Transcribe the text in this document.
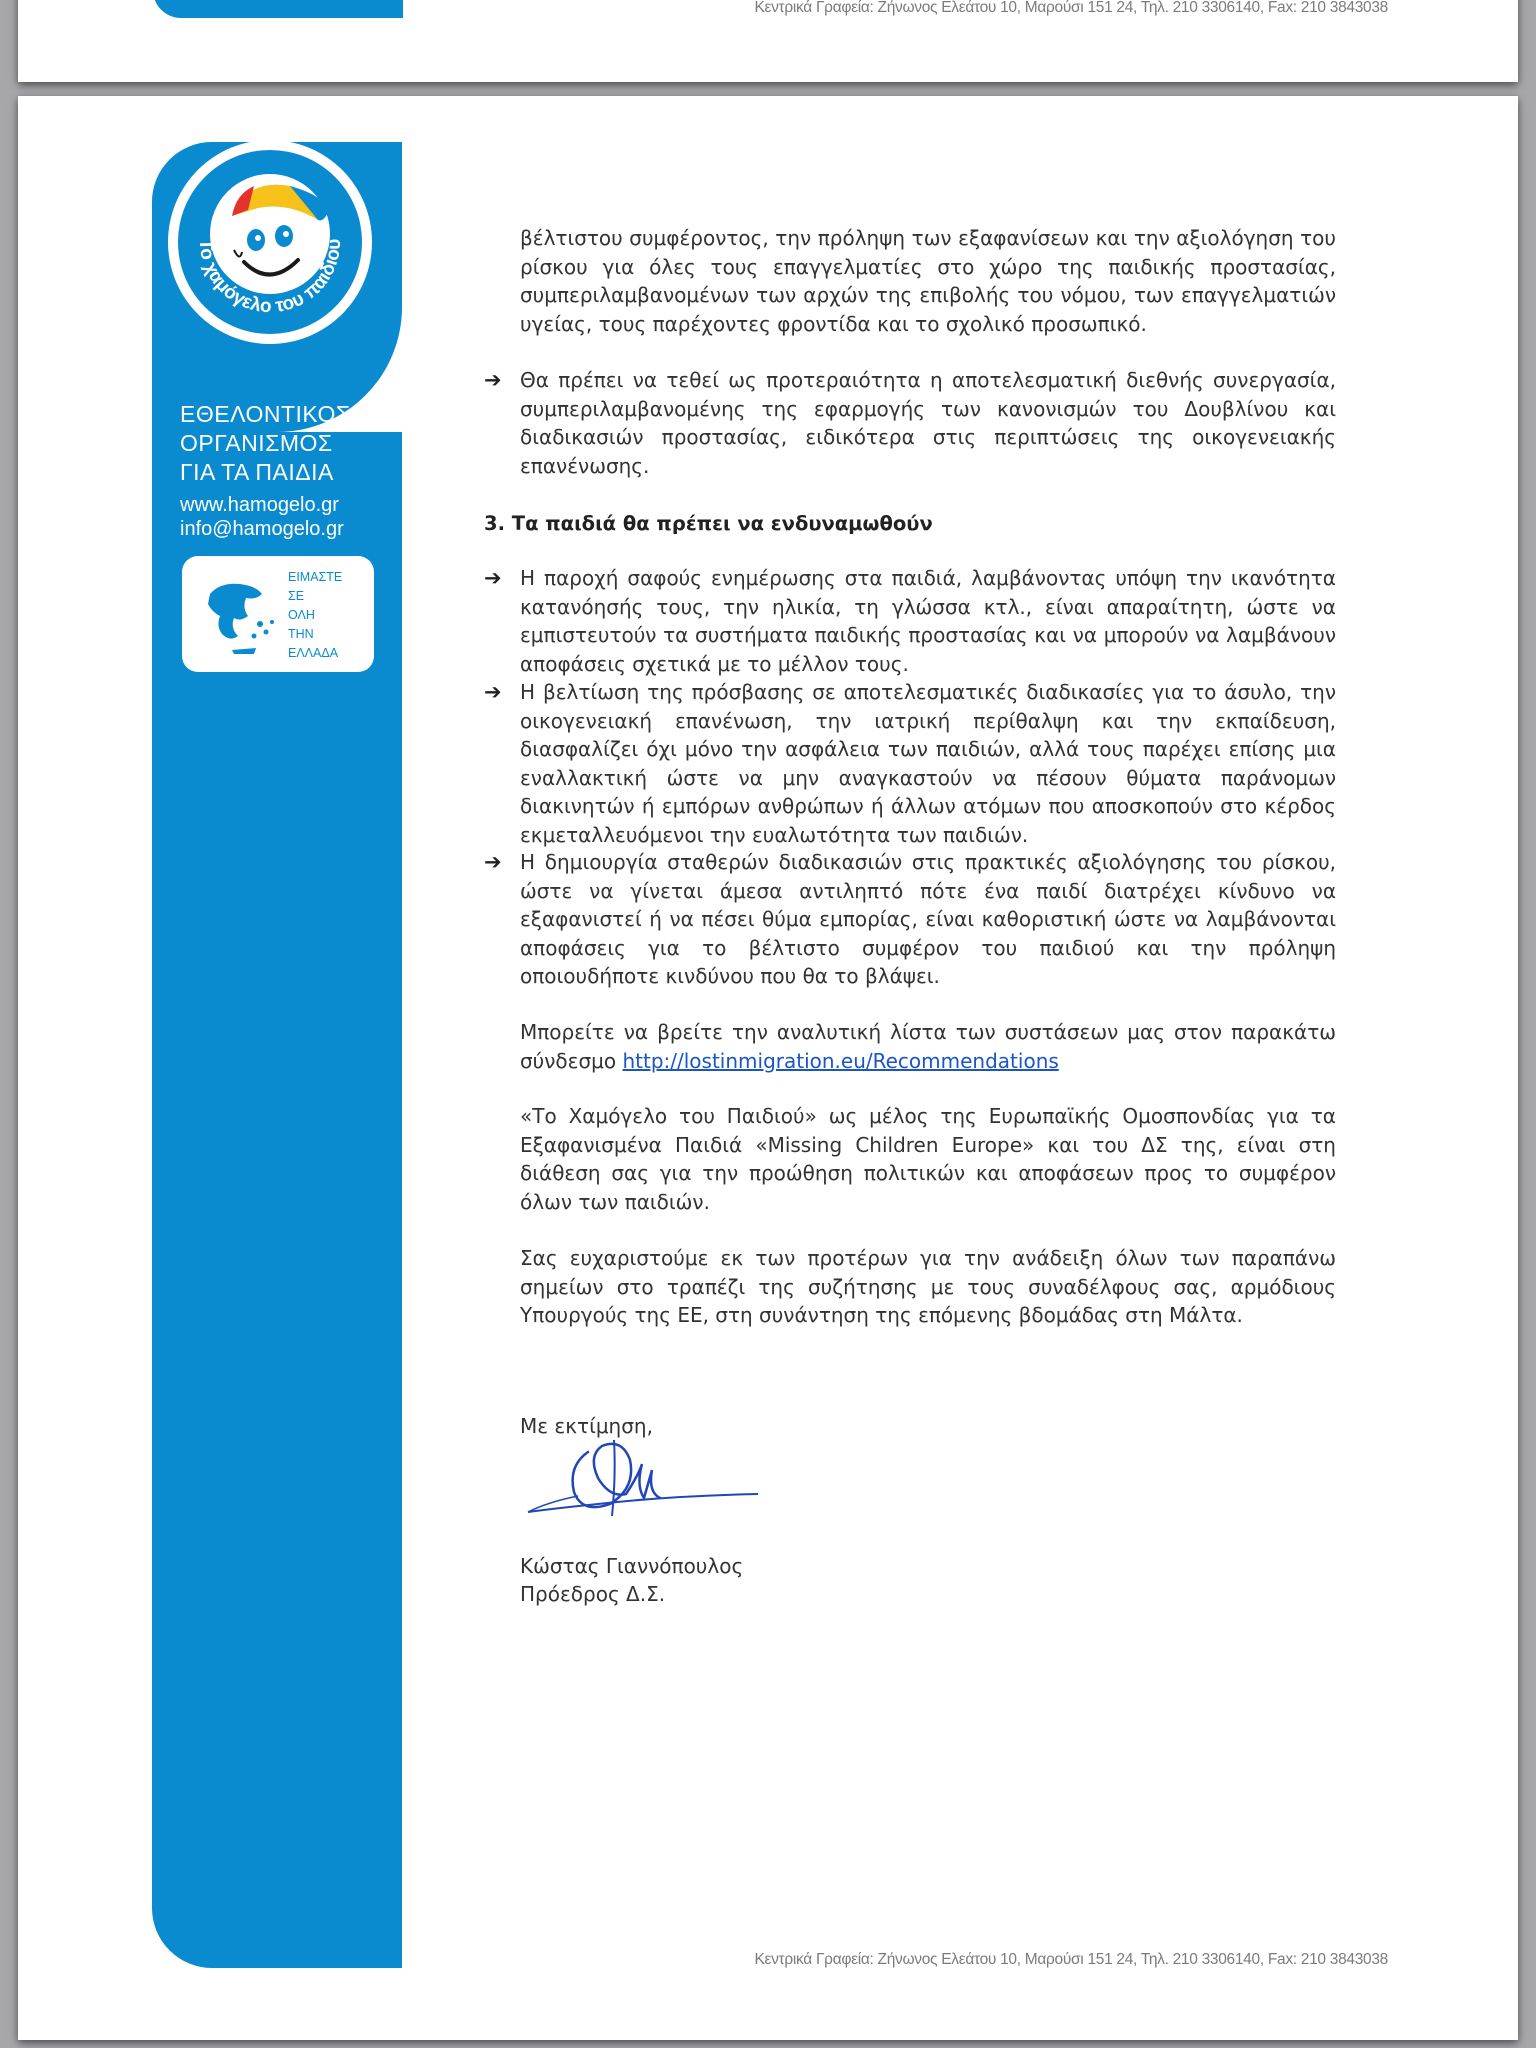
Κεντρικά Γραφεία: Ζήνωνος Ελεάτου 10, Μαρούσι 151 24, Τηλ. 210 3306140, Fax: 210 3843038
Το χαμόγελο του παιδιού
ΕΘΕΛΟΝΤΙΚΟΣ
ΟΡΓΑΝΙΣΜΟΣ
ΓΙΑ ΤΑ ΠΑΙΔΙΑ
www.hamogelo.gr
info@hamogelo.gr
ΕΙΜΑΣΤΕ
ΣΕ
ΟΛΗ
ΤΗΝ
ΕΛΛΑΔΑ
βέλτιστου συμφέροντος, την πρόληψη των εξαφανίσεων και την αξιολόγηση του ρίσκου για όλες τους επαγγελματίες στο χώρο της παιδικής προστασίας, συμπεριλαμβανομένων των αρχών της επιβολής του νόμου, των επαγγελματιών υγείας, τους παρέχοντες φροντίδα και το σχολικό προσωπικό.
➔ Θα πρέπει να τεθεί ως προτεραιότητα η αποτελεσματική διεθνής συνεργασία, συμπεριλαμβανομένης της εφαρμογής των κανονισμών του Δουβλίνου και διαδικασιών προστασίας, ειδικότερα στις περιπτώσεις της οικογενειακής επανένωσης.
3. Τα παιδιά θα πρέπει να ενδυναμωθούν
➔ Η παροχή σαφούς ενημέρωσης στα παιδιά, λαμβάνοντας υπόψη την ικανότητα κατανόησής τους, την ηλικία, τη γλώσσα κτλ., είναι απαραίτητη, ώστε να εμπιστευτούν τα συστήματα παιδικής προστασίας και να μπορούν να λαμβάνουν αποφάσεις σχετικά με το μέλλον τους.
➔ Η βελτίωση της πρόσβασης σε αποτελεσματικές διαδικασίες για το άσυλο, την οικογενειακή επανένωση, την ιατρική περίθαλψη και την εκπαίδευση, διασφαλίζει όχι μόνο την ασφάλεια των παιδιών, αλλά τους παρέχει επίσης μια εναλλακτική ώστε να μην αναγκαστούν να πέσουν θύματα παράνομων διακινητών ή εμπόρων ανθρώπων ή άλλων ατόμων που αποσκοπούν στο κέρδος εκμεταλλευόμενοι την ευαλωτότητα των παιδιών.
➔ Η δημιουργία σταθερών διαδικασιών στις πρακτικές αξιολόγησης του ρίσκου, ώστε να γίνεται άμεσα αντιληπτό πότε ένα παιδί διατρέχει κίνδυνο να εξαφανιστεί ή να πέσει θύμα εμπορίας, είναι καθοριστική ώστε να λαμβάνονται αποφάσεις για το βέλτιστο συμφέρον του παιδιού και την πρόληψη οποιουδήποτε κινδύνου που θα το βλάψει.
Μπορείτε να βρείτε την αναλυτική λίστα των συστάσεων μας στον παρακάτω σύνδεσμο http://lostinmigration.eu/Recommendations
«Το Χαμόγελο του Παιδιού» ως μέλος της Ευρωπαϊκής Ομοσπονδίας για τα Εξαφανισμένα Παιδιά «Missing Children Europe» και του ΔΣ της, είναι στη διάθεση σας για την προώθηση πολιτικών και αποφάσεων προς το συμφέρον όλων των παιδιών.
Σας ευχαριστούμε εκ των προτέρων για την ανάδειξη όλων των παραπάνω σημείων στο τραπέζι της συζήτησης με τους συναδέλφους σας, αρμόδιους Υπουργούς της ΕΕ, στη συνάντηση της επόμενης βδομάδας στη Μάλτα.
Με εκτίμηση,
Κώστας Γιαννόπουλος
Πρόεδρος Δ.Σ.
Κεντρικά Γραφεία: Ζήνωνος Ελεάτου 10, Μαρούσι 151 24, Τηλ. 210 3306140, Fax: 210 3843038
